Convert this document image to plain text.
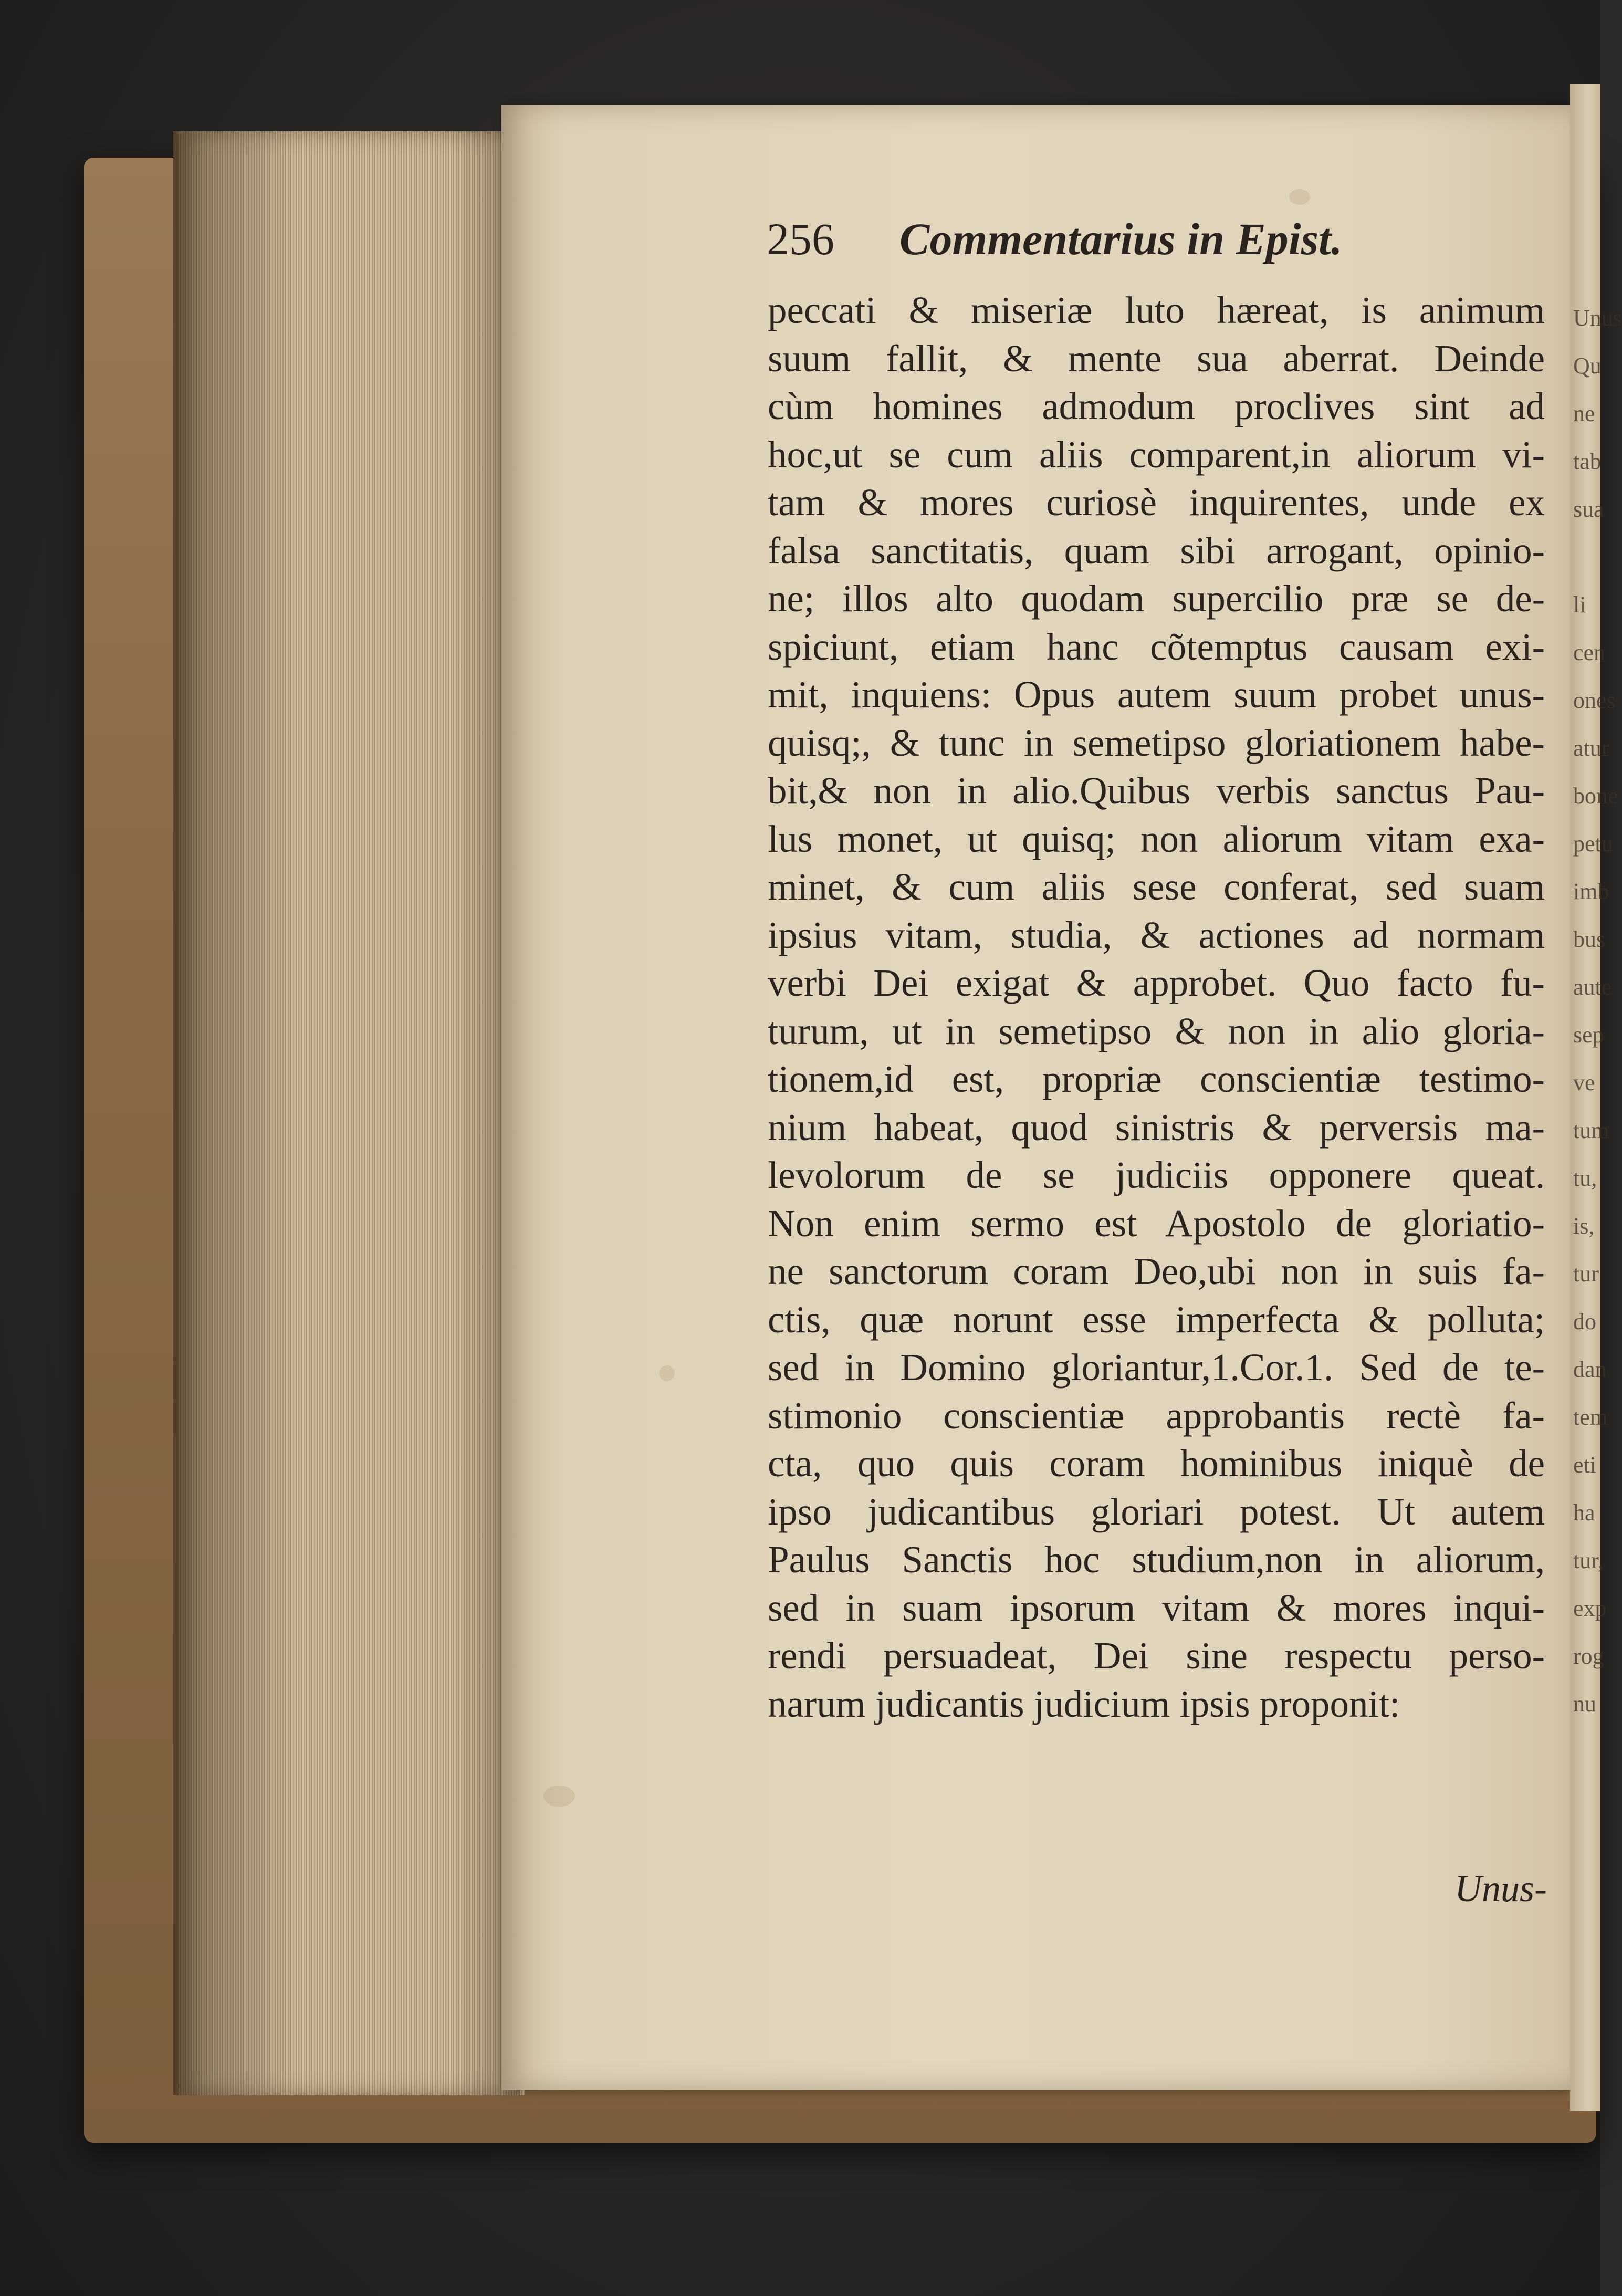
Unus
Qu
ne
tab
sua
li
cen
ones
atur
bone
petu
imb
bus
aute
sep
ve
tum
tu,
is,
tur
do
dan
tem
eti
ha
tur,
exp
rog
nu
256 Commentarius in Epist.
peccati & miseriæ luto hæreat, is animum
suum fallit, & mente sua aberrat. Deinde
cùm homines admodum proclives sint ad
hoc,ut se cum aliis comparent,in aliorum vi-
tam & mores curiosè inquirentes, unde ex
falsa sanctitatis, quam sibi arrogant, opinio-
ne; illos alto quodam supercilio præ se de-
spiciunt, etiam hanc cõtemptus causam exi-
mit, inquiens: Opus autem suum probet unus-
quisq;, & tunc in semetipso gloriationem habe-
bit,& non in alio.Quibus verbis sanctus Pau-
lus monet, ut quisq; non aliorum vitam exa-
minet, & cum aliis sese conferat, sed suam
ipsius vitam, studia, & actiones ad normam
verbi Dei exigat & approbet. Quo facto fu-
turum, ut in semetipso & non in alio gloria-
tionem,id est, propriæ conscientiæ testimo-
nium habeat, quod sinistris & perversis ma-
levolorum de se judiciis opponere queat.
Non enim sermo est Apostolo de gloriatio-
ne sanctorum coram Deo,ubi non in suis fa-
ctis, quæ norunt esse imperfecta & polluta;
sed in Domino gloriantur,1.Cor.1. Sed de te-
stimonio conscientiæ approbantis rectè fa-
cta, quo quis coram hominibus iniquè de
ipso judicantibus gloriari potest. Ut autem
Paulus Sanctis hoc studium,non in aliorum,
sed in suam ipsorum vitam & mores inqui-
rendi persuadeat, Dei sine respectu perso-
narum judicantis judicium ipsis proponit:
Unus-
